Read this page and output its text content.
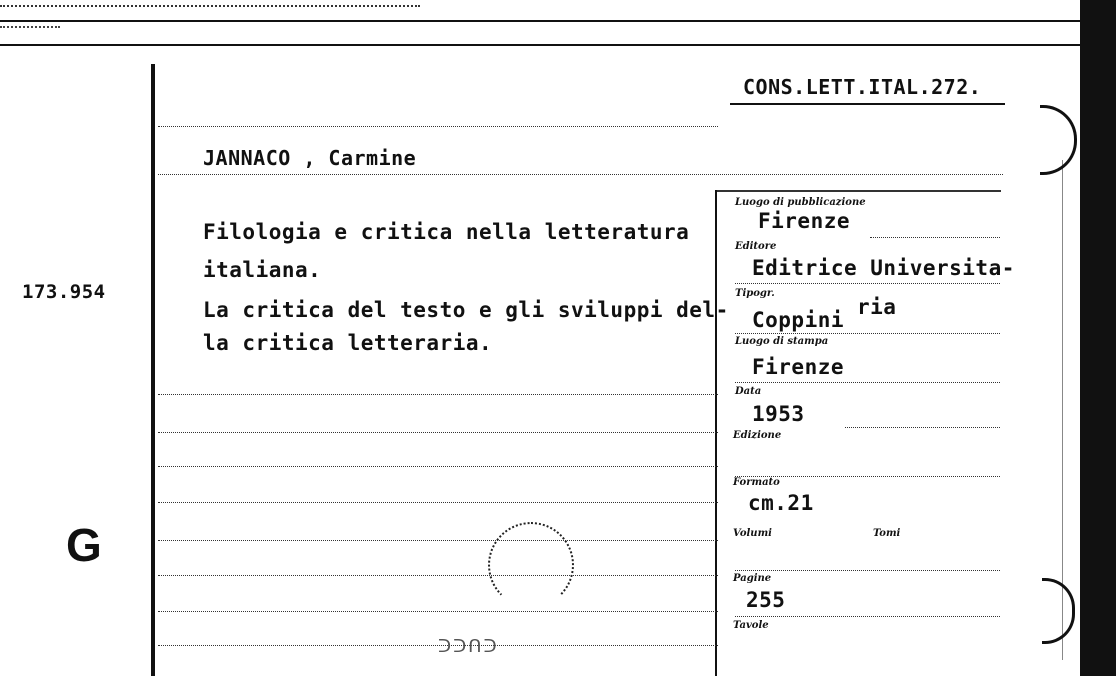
CONS.LETT.ITAL.272.
JANNACO , Carmine
Filologia e critica nella letteratura
italiana.
La critica del testo e gli sviluppi del-
la critica letteraria.
173.954
G
ᑐᑐᑎᑐ
Luogo di pubblicazione
Firenze
Editore
Editrice Universita-
Tipogr.
ria
Coppini
Luogo di stampa
Firenze
Data
1953
Edizione
Formato
cm.21
Volumi	Tomi
Pagine
255
Tavole
